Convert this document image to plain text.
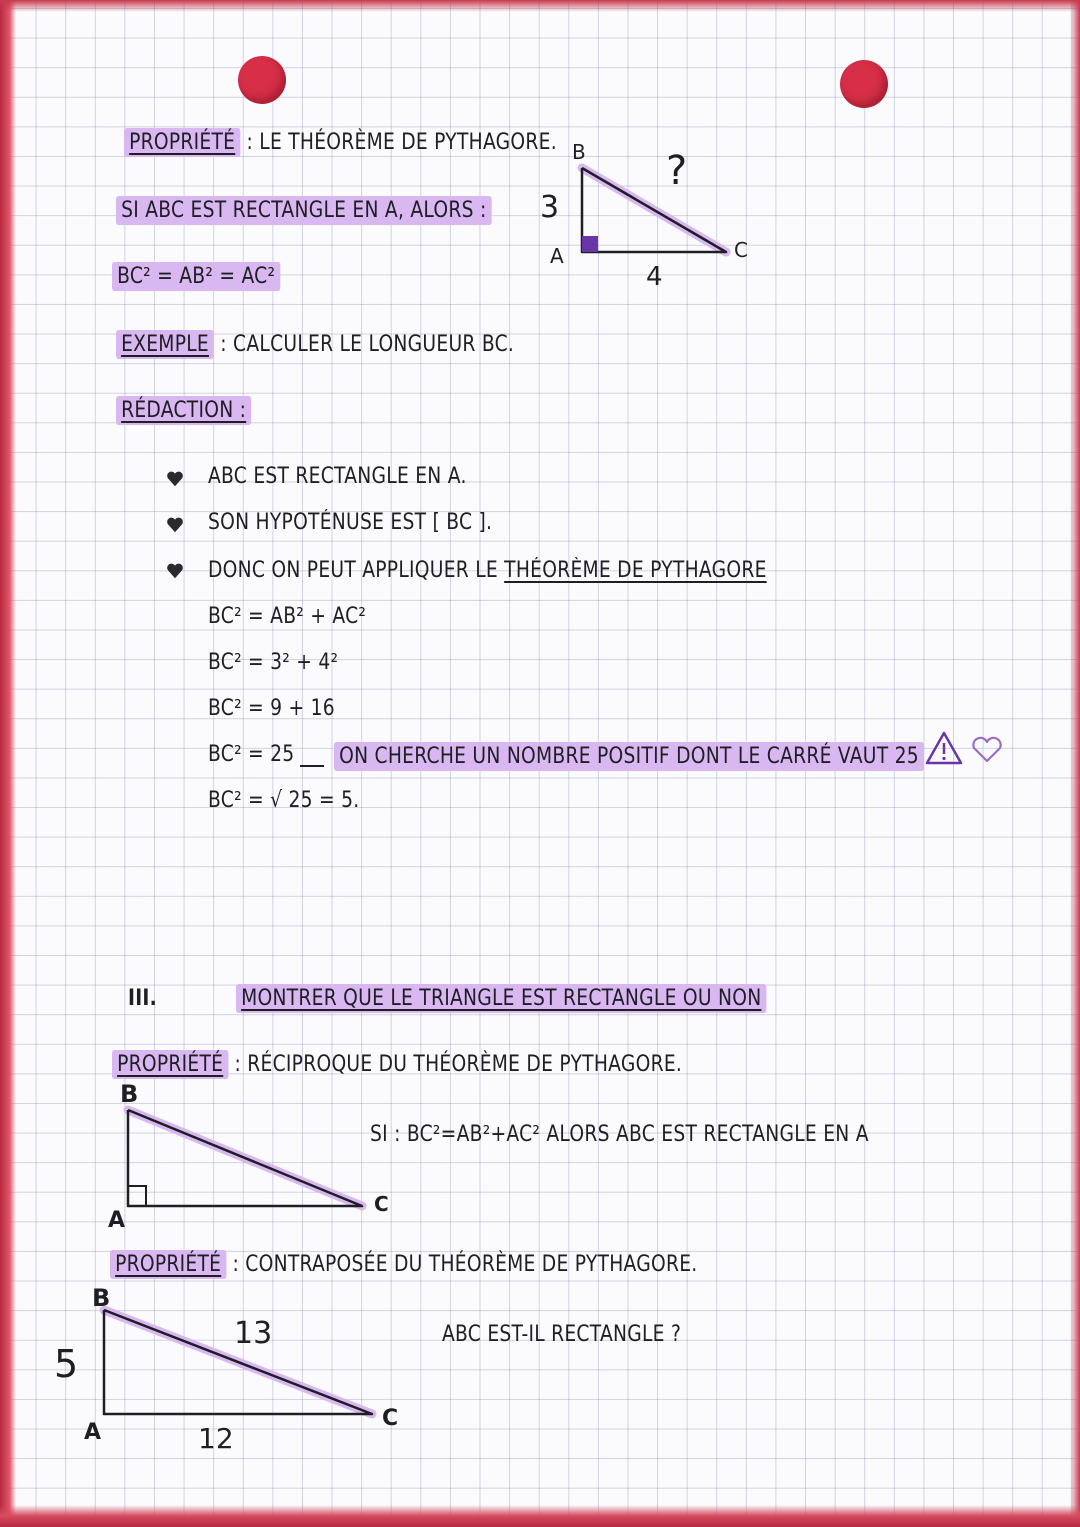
PROPRIÉTÉ : LE THÉORÈME DE PYTHAGORE.
SI ABC EST RECTANGLE EN A, ALORS :
BC² = AB² = AC²
EXEMPLE : CALCULER LE LONGUEUR BC.
RÉDACTION :
ABC EST RECTANGLE EN A.
SON HYPOTÉNUSE EST [ BC ].
DONC ON PEUT APPLIQUER LE THÉORÈME DE PYTHAGORE
BC² = AB² + AC²
BC² = 3² + 4²
BC² = 9 + 16
BC² = 25 ON CHERCHE UN NOMBRE POSITIF DONT LE CARRÉ VAUT 25
BC² = √ 25 = 5.
B
A	C
3
4
?
III.	MONTRER QUE LE TRIANGLE EST RECTANGLE OU NON
PROPRIÉTÉ : RÉCIPROQUE DU THÉORÈME DE PYTHAGORE.
SI : BC²=AB²+AC² ALORS ABC EST RECTANGLE EN A
B
A
C
PROPRIÉTÉ : CONTRAPOSÉE DU THÉORÈME DE PYTHAGORE.
ABC EST-IL RECTANGLE ?
B
A
C
5
13
12
